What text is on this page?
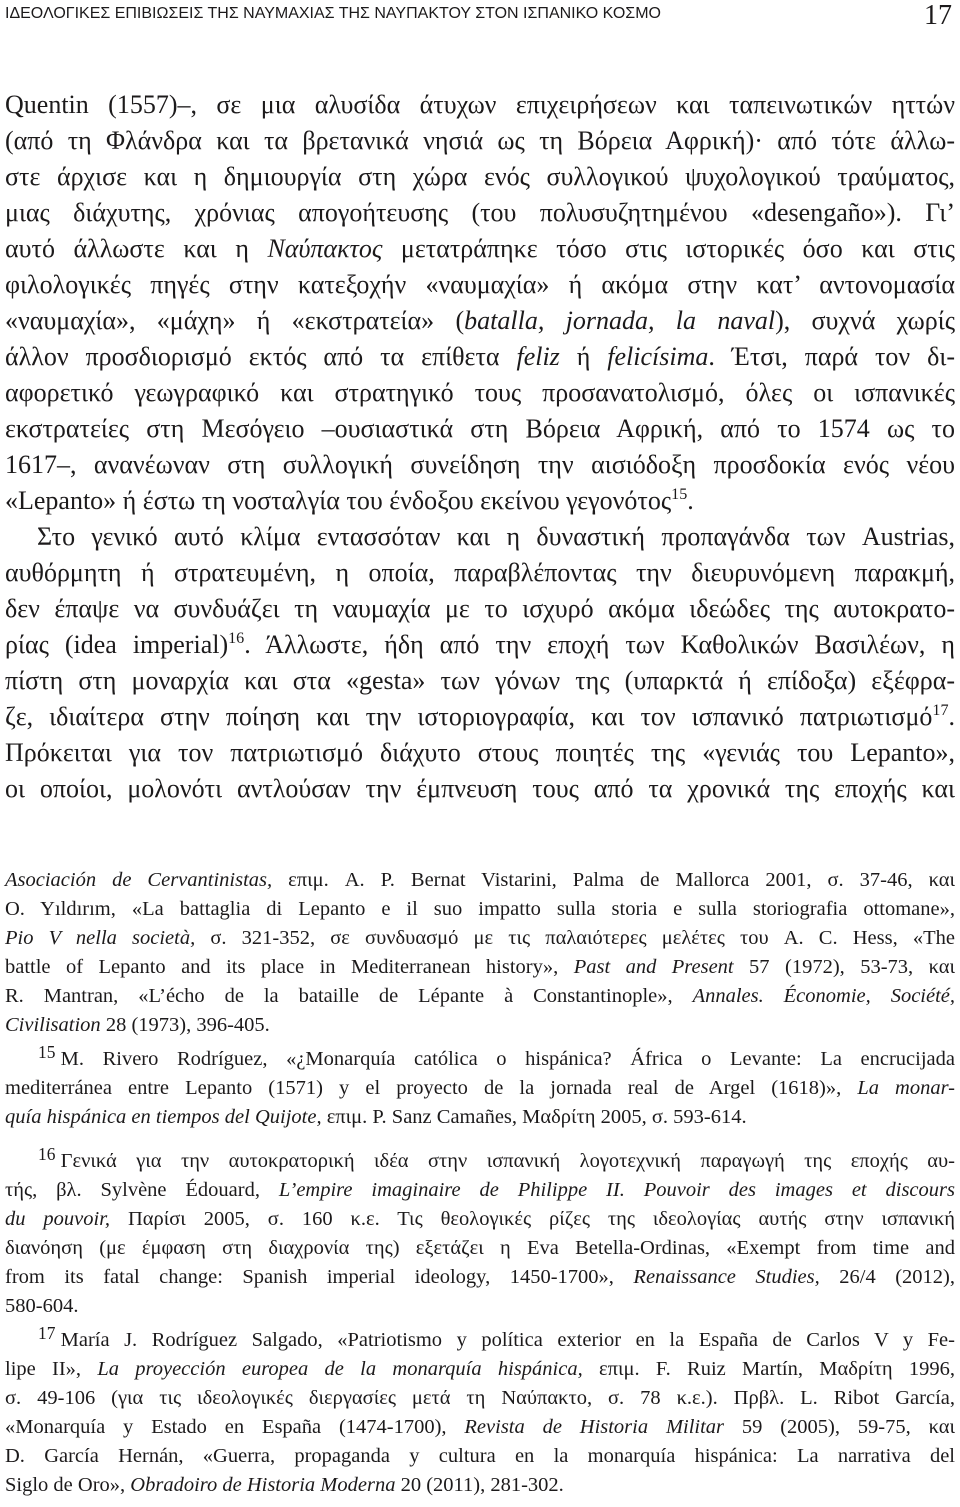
ΙΔΕΟΛΟΓΙΚΕΣ ΕΠΙΒΙΩΣΕΙΣ ΤΗΣ ΝΑΥΜΑΧΙΑΣ ΤΗΣ ΝΑΥΠΑΚΤΟΥ ΣΤΟΝ ΙΣΠΑΝΙΚΟ ΚΟΣΜΟ	17
Quentin (1557)–, σε μια αλυσίδα άτυχων επιχειρήσεων και ταπεινωτικών ηττών
(από τη Φλάνδρα και τα βρετανικά νησιά ως τη Βόρεια Αφρική)· από τότε άλλω-
στε άρχισε και η δημιουργία στη χώρα ενός συλλογικού ψυχολογικού τραύματος,
μιας διάχυτης, χρόνιας απογοήτευσης (του πολυσυζητημένου «desengaño»). Γι’
αυτό άλλωστε και η Ναύπακτος μετατράπηκε τόσο στις ιστορικές όσο και στις
φιλολογικές πηγές στην κατεξοχήν «ναυμαχία» ή ακόμα στην κατ’ αντονομασία
«ναυμαχία», «μάχη» ή «εκστρατεία» (batalla, jornada, la naval), συχνά χωρίς
άλλον προσδιορισμό εκτός από τα επίθετα feliz ή felicísima. Έτσι, παρά τον δι-
αφορετικό γεωγραφικό και στρατηγικό τους προσανατολισμό, όλες οι ισπανικές
εκστρατείες στη Μεσόγειο –ουσιαστικά στη Βόρεια Αφρική, από το 1574 ως το
1617–, ανανέωναν στη συλλογική συνείδηση την αισιόδοξη προσδοκία ενός νέου
«Lepanto» ή έστω τη νοσταλγία του ένδοξου εκείνου γεγονότος$^{15}$.
Στο γενικό αυτό κλίμα εντασσόταν και η δυναστική προπαγάνδα των Austrias,
αυθόρμητη ή στρατευμένη, η οποία, παραβλέποντας την διευρυνόμενη παρακμή,
δεν έπαψε να συνδυάζει τη ναυμαχία με το ισχυρό ακόμα ιδεώδες της αυτοκρατο-
ρίας (idea imperial)$^{16}$. Άλλωστε, ήδη από την εποχή των Καθολικών Βασιλέων, η
πίστη στη μοναρχία και στα «gesta» των γόνων της (υπαρκτά ή επίδοξα) εξέφρα-
ζε, ιδιαίτερα στην ποίηση και την ιστοριογραφία, και τον ισπανικό πατριωτισμό$^{17}$.
Πρόκειται για τον πατριωτισμό διάχυτο στους ποιητές της «γενιάς του Lepanto»,
οι οποίοι, μολονότι αντλούσαν την έμπνευση τους από τα χρονικά της εποχής και
Asociación de Cervantinistas, επιμ. A. P. Bernat Vistarini, Palma de Mallorca 2001, σ. 37-46, και
O. Yıldırım, «La battaglia di Lepanto e il suo impatto sulla storia e sulla storiografia ottomane»,
Pio V nella società, σ. 321-352, σε συνδυασμό με τις παλαιότερες μελέτες του A. C. Hess, «The
battle of Lepanto and its place in Mediterranean history», Past and Present 57 (1972), 53-73, και
R. Mantran, «L’écho de la bataille de Lépante à Constantinople», Annales. Économie, Société,
Civilisation 28 (1973), 396-405.
$^{15}$ M. Rivero Rodríguez, «¿Monarquía católica o hispánica? África o Levante: La encrucijada
mediterránea entre Lepanto (1571) y el proyecto de la jornada real de Argel (1618)», La monar-
quía hispánica en tiempos del Quijote, επιμ. P. Sanz Camañes, Μαδρίτη 2005, σ. 593-614.
$^{16}$ Γενικά για την αυτοκρατορική ιδέα στην ισπανική λογοτεχνική παραγωγή της εποχής αυ-
τής, βλ. Sylvène Édouard, L’empire imaginaire de Philippe II. Pouvoir des images et discours
du pouvoir, Παρίσι 2005, σ. 160 κ.ε. Τις θεολογικές ρίζες της ιδεολογίας αυτής στην ισπανική
διανόηση (με έμφαση στη διαχρονία της) εξετάζει η Eva Betella-Ordinas, «Exempt from time and
from its fatal change: Spanish imperial ideology, 1450-1700», Renaissance Studies, 26/4 (2012),
580-604.
$^{17}$ María J. Rodríguez Salgado, «Patriotismo y política exterior en la España de Carlos V y Fe-
lipe II», La proyección europea de la monarquía hispánica, επιμ. F. Ruiz Martín, Μαδρίτη 1996,
σ. 49-106 (για τις ιδεολογικές διεργασίες μετά τη Ναύπακτο, σ. 78 κ.ε.). Πρβλ. L. Ribot García,
«Monarquía y Estado en España (1474-1700), Revista de Historia Militar 59 (2005), 59-75, και
D. García Hernán, «Guerra, propaganda y cultura en la monarquía hispánica: La narrativa del
Siglo de Oro», Obradoiro de Historia Moderna 20 (2011), 281-302.
